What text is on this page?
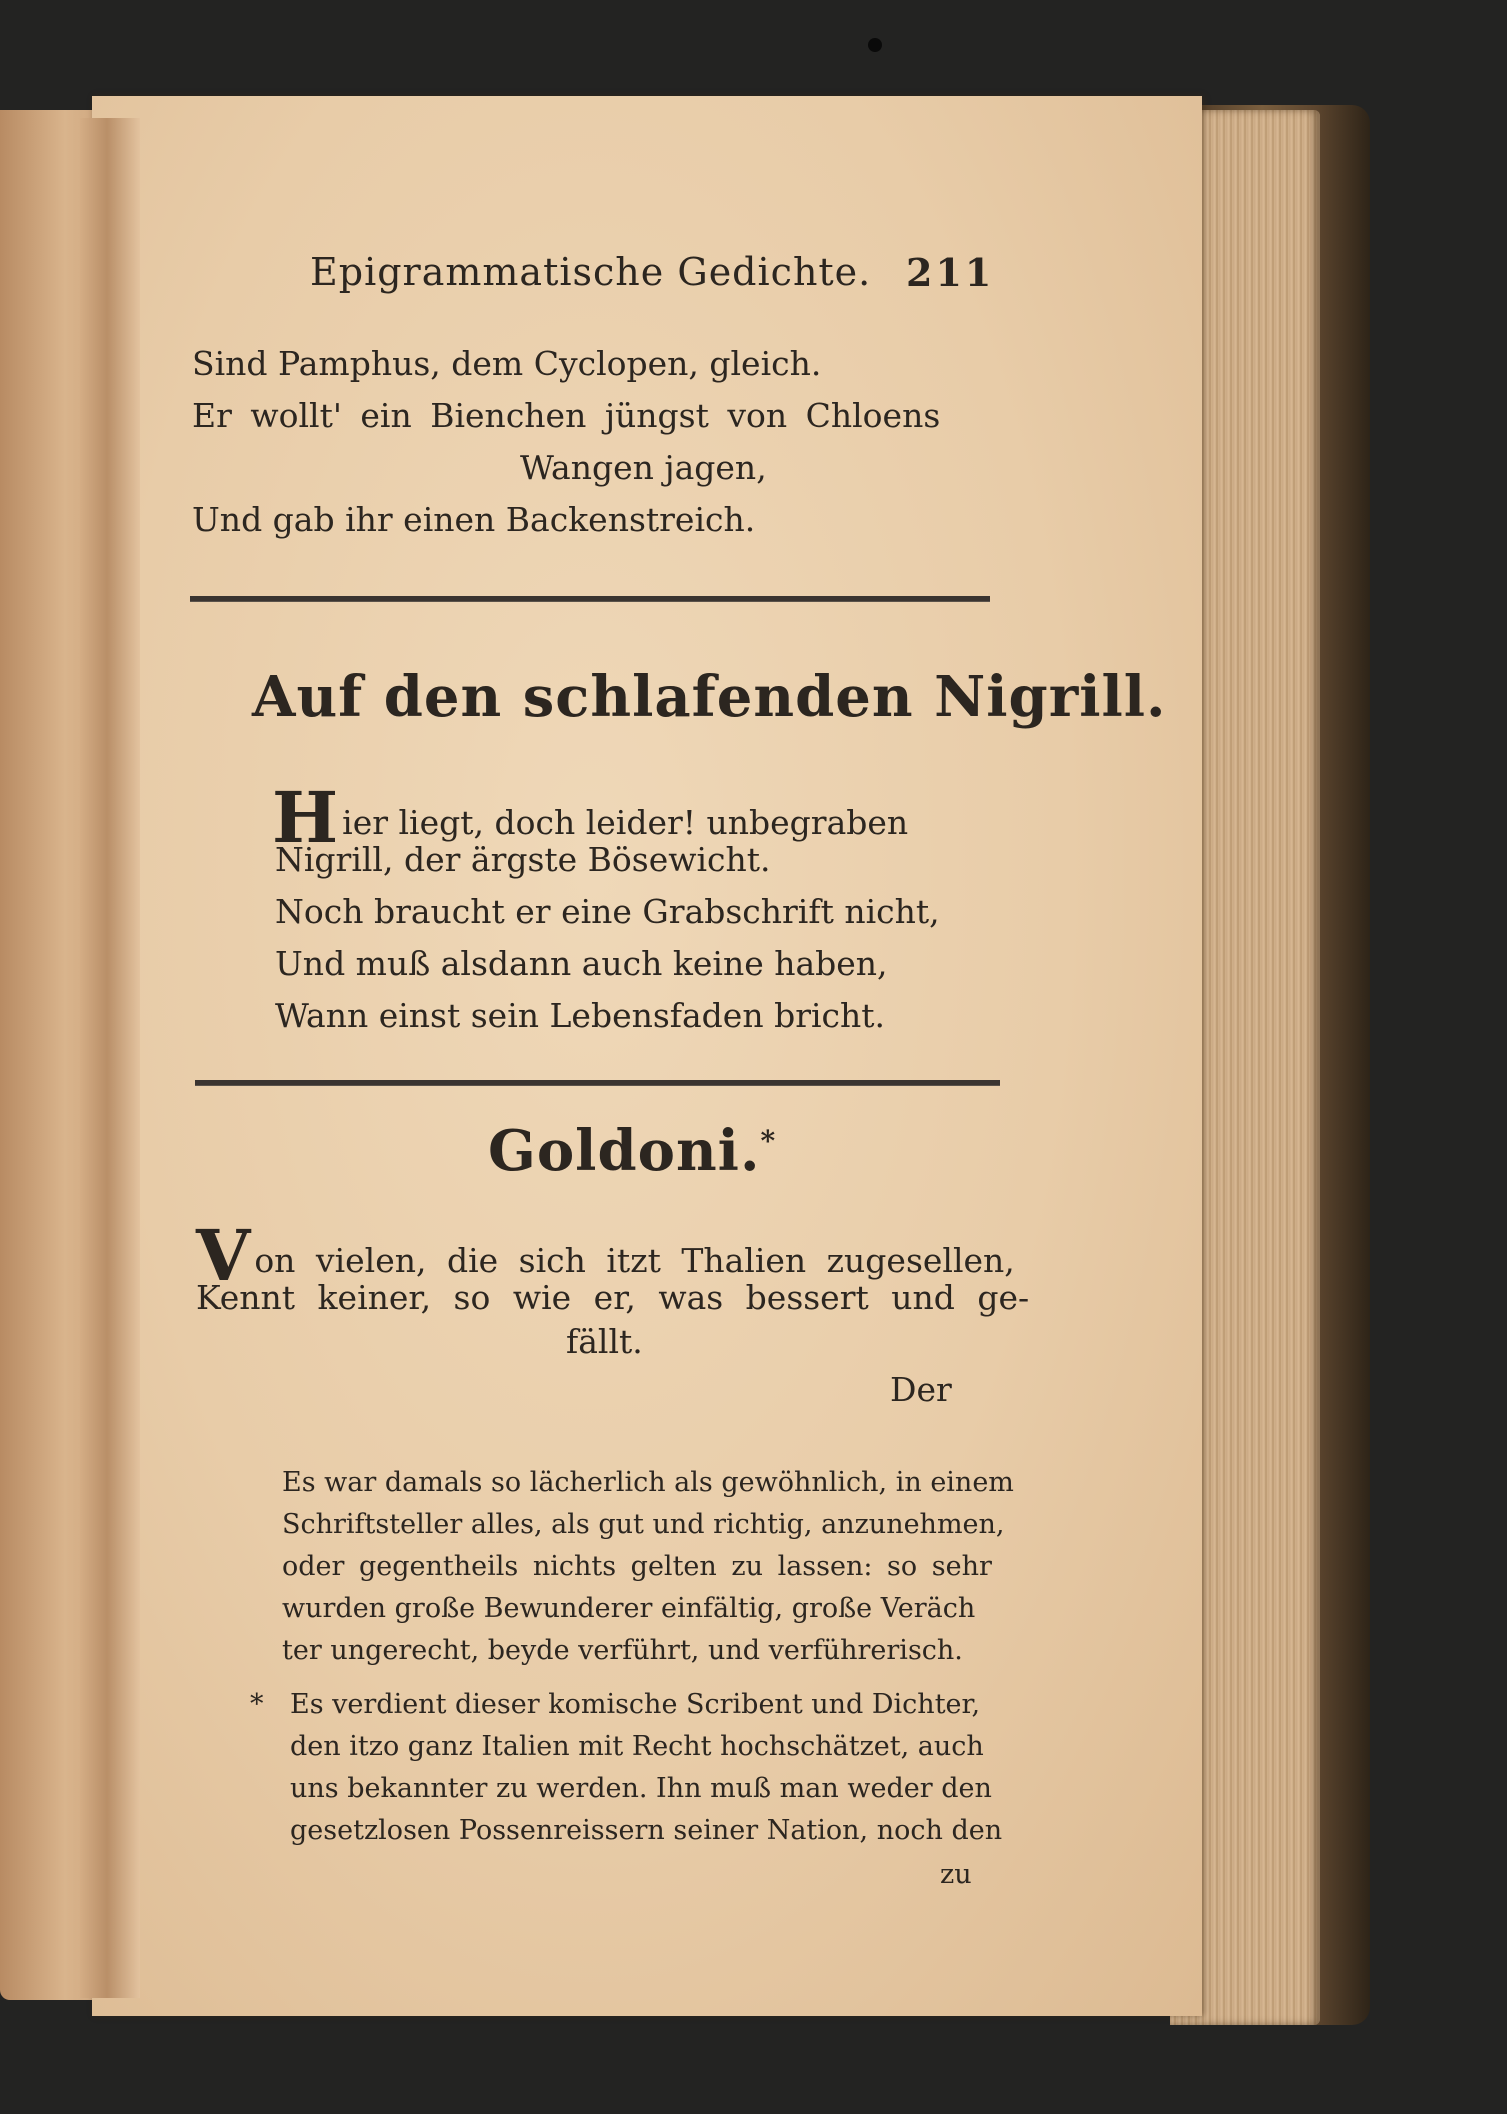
Epigrammatische Gedichte. 211
Sind Pamphus, dem Cyclopen, gleich.
Er wollt' ein Bienchen jüngst von Chloens
Wangen jagen,
Und gab ihr einen Backenstreich.
Auf den schlafenden Nigrill.
Hier liegt, doch leider! unbegraben
Nigrill, der ärgste Bösewicht.
Noch braucht er eine Grabschrift nicht,
Und muß alsdann auch keine haben,
Wann einst sein Lebensfaden bricht.
Goldoni.*
Von vielen, die sich itzt Thalien zugesellen,
Kennt keiner, so wie er, was bessert und ge-
fällt.
Der
Es war damals so lächerlich als gewöhnlich, in einem
Schriftsteller alles, als gut und richtig, anzunehmen,
oder gegentheils nichts gelten zu lassen: so sehr
wurden große Bewunderer einfältig, große Veräch
ter ungerecht, beyde verführt, und verführerisch.
* Es verdient dieser komische Scribent und Dichter,
den itzo ganz Italien mit Recht hochschätzet, auch
uns bekannter zu werden. Ihn muß man weder den
gesetzlosen Possenreissern seiner Nation, noch den
zu
